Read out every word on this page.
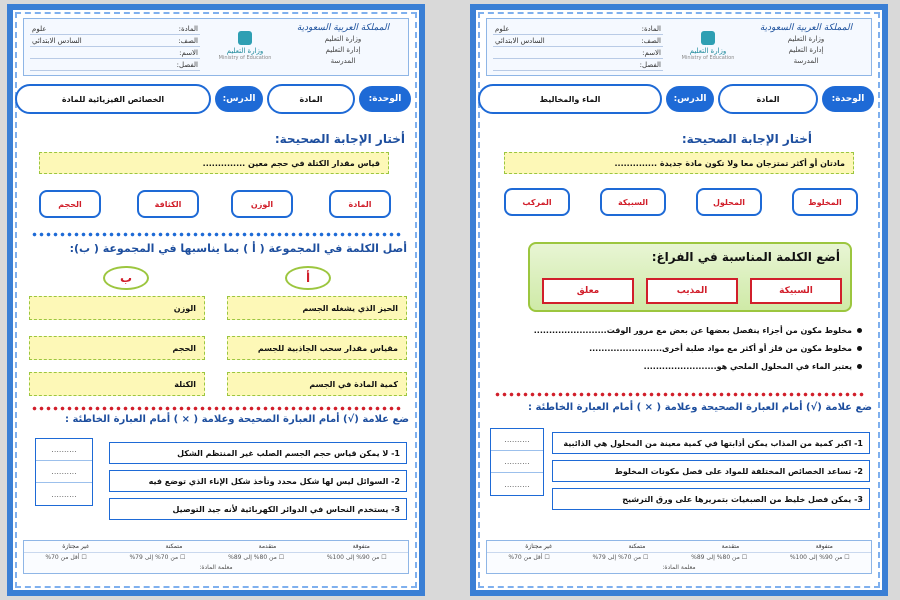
المملكة العربية السعودية
وزارة التعليم
إدارة التعليم
المدرسة
وزارة التعليم
Ministry of Education
المادة:
علوم
الصف:
السادس الابتدائي
الاسم:
الفصل:
الوحدة:
المادة
الدرس:
الخصائص الفيزيائية للمادة
أختار الإجابة الصحيحة:
قياس مقدار الكتلة في حجم معين ..............
المادة
الوزن
الكثافة
الحجم
أصل الكلمة في المجموعة ( أ ) بما يناسبها في المجموعة ( ب):
أ
ب
الحيز الذي يشغله الجسم
الوزن
مقياس مقدار سحب الجاذبية للجسم
الحجم
كمية المادة في الجسم
الكتلة
ضع علامة (√) أمام العبارة الصحيحة وعلامة ( × ) أمام العبارة الخاطئة :
1- لا يمكن قياس حجم الجسم الصلب غير المنتظم الشكل
2- السوائل ليس لها شكل محدد وتأخذ شكل الإناء الذي توضع فيه
3- يستخدم النحاس في الدوائر الكهربائية لأنه جيد التوصيل
..........
..........
..........
متفوقة
متقدمة
متمكنة
غير مجتازة
☐ من 90% إلى 100%
☐ من 80% إلى 89%
☐ من 70% إلى 79%
☐ أقل من 70%
معلمة المادة:
المملكة العربية السعودية
وزارة التعليم
إدارة التعليم
المدرسة
وزارة التعليم
Ministry of Education
المادة:
علوم
الصف:
السادس الابتدائي
الاسم:
الفصل:
الوحدة:
المادة
الدرس:
الماء والمخاليط
أختار الإجابة الصحيحة:
مادتان أو أكثر تمتزجان معا ولا تكون مادة جديدة ..............
المخلوط
المحلول
السبيكة
المركب
أضع الكلمة المناسبة في الفراغ:
السبيكة
المذيب
معلق
مخلوط مكون من أجزاء ينفصل بعضها عن بعض مع مرور الوقت........................
مخلوط مكون من فلز أو أكثر مع مواد صلبة أخرى........................
يعتبر الماء في المحلول الملحي هو........................
ضع علامة (√) أمام العبارة الصحيحة وعلامة ( × ) أمام العبارة الخاطئة :
1- اكبر كمية من المذاب يمكن أذابتها في كمية معينة من المحلول هي الذائبية
2- تساعد الخصائص المختلفة للمواد على فصل مكونات المخلوط
3- يمكن فصل خليط من الصبغيات بتمريرها على ورق الترشيح
..........
..........
..........
متفوقة
متقدمة
متمكنة
غير مجتازة
☐ من 90% إلى 100%
☐ من 80% إلى 89%
☐ من 70% إلى 79%
☐ أقل من 70%
معلمة المادة:
